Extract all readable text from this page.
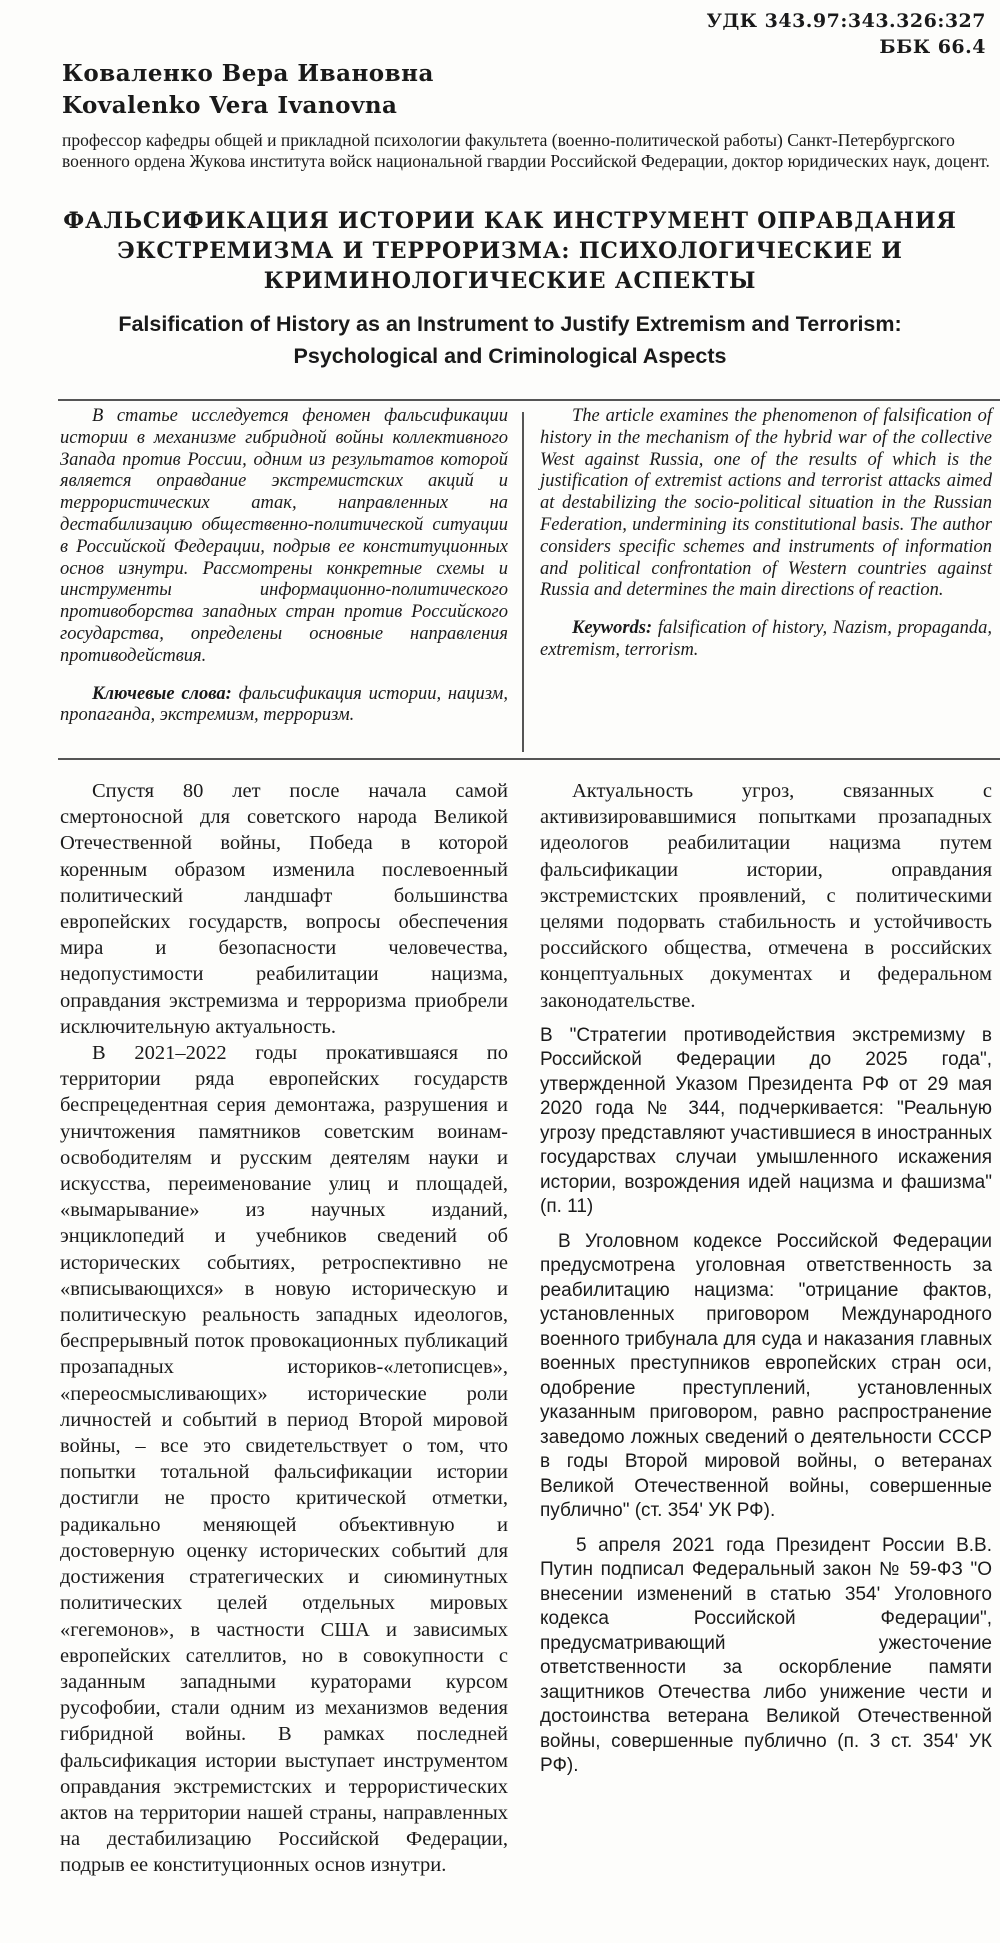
УДК 343.97:343.326:327
ББК 66.4
Коваленко Вера Ивановна
Kovalenko Vera Ivanovna
профессор кафедры общей и прикладной психологии факультета (военно-политической работы) Санкт-Петербургского военного ордена Жукова института войск национальной гвардии Российской Федерации, доктор юридических наук, доцент.
ФАЛЬСИФИКАЦИЯ ИСТОРИИ КАК ИНСТРУМЕНТ ОПРАВДАНИЯ ЭКСТРЕМИЗМА И ТЕРРОРИЗМА: ПСИХОЛОГИЧЕСКИЕ И КРИМИНОЛОГИЧЕСКИЕ АСПЕКТЫ
Falsification of History as an Instrument to Justify Extremism and Terrorism: Psychological and Criminological Aspects

В статье исследуется феномен фальсификации истории в механизме гибридной войны коллективного Запада против России, одним из результатов которой является оправдание экстремистских акций и террористических атак, направленных на дестабилизацию общественно-политической ситуации в Российской Федерации, подрыв ее конституционных основ изнутри. Рассмотрены конкретные схемы и инструменты информационно-политического противоборства западных стран против Российского государства, определены основные направления противодействия.

Ключевые слова: фальсификация истории, нацизм, пропаганда, экстремизм, терроризм.

The article examines the phenomenon of falsification of history in the mechanism of the hybrid war of the collective West against Russia, one of the results of which is the justification of extremist actions and terrorist attacks aimed at destabilizing the socio-political situation in the Russian Federation, undermining its constitutional basis. The author considers specific schemes and instruments of information and political confrontation of Western countries against Russia and determines the main directions of reaction.

Keywords: falsification of history, Nazism, propaganda, extremism, terrorism.

Спустя 80 лет после начала самой смертоносной для советского народа Великой Отечественной войны, Победа в которой коренным образом изменила послевоенный политический ландшафт большинства европейских государств, вопросы обеспечения мира и безопасности человечества, недопустимости реабилитации нацизма, оправдания экстремизма и терроризма приобрели исключительную актуальность.

В 2021–2022 годы прокатившаяся по территории ряда европейских государств беспрецедентная серия демонтажа, разрушения и уничтожения памятников советским воинам-освободителям и русским деятелям науки и искусства, переименование улиц и площадей, «вымарывание» из научных изданий, энциклопедий и учебников сведений об исторических событиях, ретроспективно не «вписывающихся» в новую историческую и политическую реальность западных идеологов, беспрерывный поток провокационных публикаций прозападных историков-«летописцев», «переосмысливающих» исторические роли личностей и событий в период Второй мировой войны, – все это свидетельствует о том, что попытки тотальной фальсификации истории достигли не просто критической отметки, радикально меняющей объективную и достоверную оценку исторических событий для достижения стратегических и сиюминутных политических целей отдельных мировых «гегемонов», в частности США и зависимых европейских сателлитов, но в совокупности с заданным западными кураторами курсом русофобии, стали одним из механизмов ведения гибридной войны. В рамках последней фальсификация истории выступает инструментом оправдания экстремистских и террористических актов на территории нашей страны, направленных на дестабилизацию Российской Федерации, подрыв ее конституционных основ изнутри.

Актуальность угроз, связанных с активизировавшимися попытками прозападных идеологов реабилитации нацизма путем фальсификации истории, оправдания экстремистских проявлений, с политическими целями подорвать стабильность и устойчивость российского общества, отмечена в российских концептуальных документах и федеральном законодательстве.

В "Стратегии противодействия экстремизму в Российской Федерации до 2025 года", утвержденной Указом Президента РФ от 29 мая 2020 года № 344, подчеркивается: "Реальную угрозу представляют участившиеся в иностранных государствах случаи умышленного искажения истории, возрождения идей нацизма и фашизма" (п. 11)

В Уголовном кодексе Российской Федерации предусмотрена уголовная ответственность за реабилитацию нацизма: "отрицание фактов, установленных приговором Международного военного трибунала для суда и наказания главных военных преступников европейских стран оси, одобрение преступлений, установленных указанным приговором, равно распространение заведомо ложных сведений о деятельности СССР в годы Второй мировой войны, о ветеранах Великой Отечественной войны, совершенные публично" (ст. 354' УК РФ).

5 апреля 2021 года Президент России В.В. Путин подписал Федеральный закон № 59-ФЗ "О внесении изменений в статью 354' Уголовного кодекса Российской Федерации", предусматривающий ужесточение ответственности за оскорбление памяти защитников Отечества либо унижение чести и достоинства ветерана Великой Отечественной войны, совершенные публично (п. 3 ст. 354' УК РФ).
